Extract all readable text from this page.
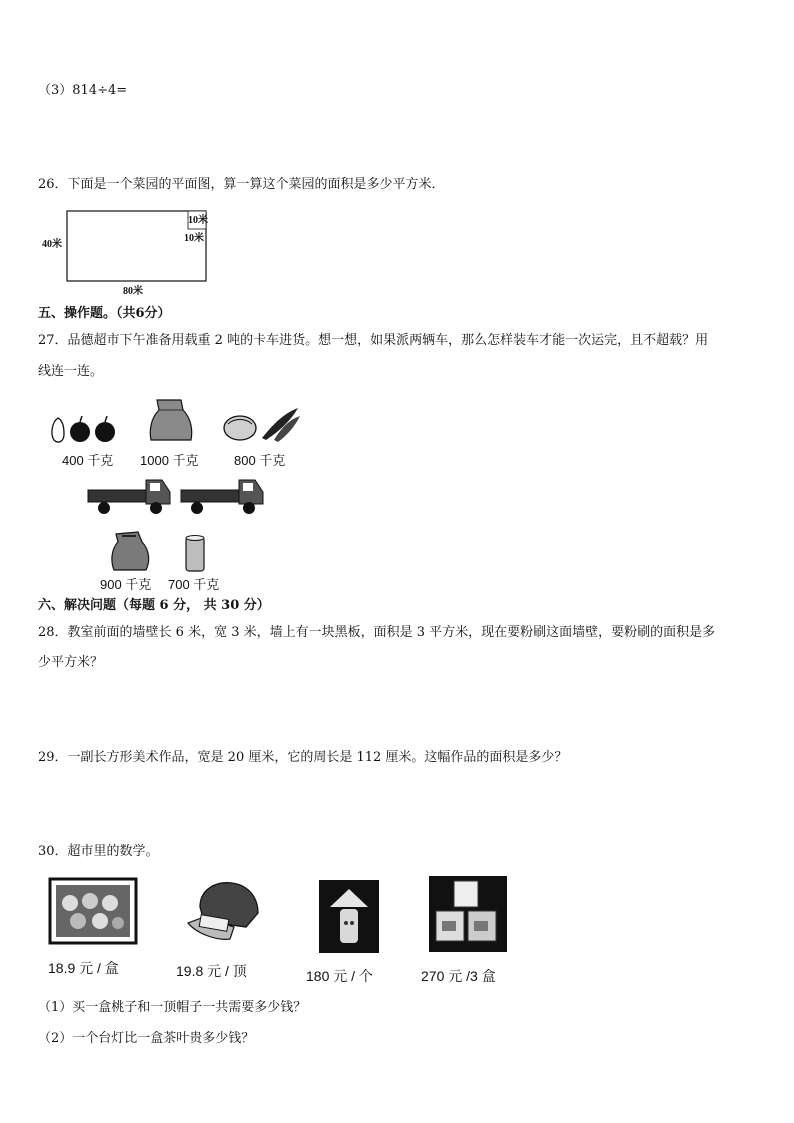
（3）814÷4=
26．下面是一个菜园的平面图，算一算这个菜园的面积是多少平方米．
40米
10米
10米
80米
五、操作题。（共6分）
27．品德超市下午准备用载重 2 吨的卡车进货。想一想，如果派两辆车，那么怎样装车才能一次运完，且不超载？用
线连一连。
400 千克 1000 千克	800 千克
900 千克 700 千克
六、解决问题（每题 6 分， 共 30 分）
28．教室前面的墙壁长 6 米，宽 3 米，墙上有一块黑板，面积是 3 平方米，现在要粉刷这面墙壁，要粉刷的面积是多
少平方米？
29．一副长方形美术作品，宽是 20 厘米，它的周长是 112 厘米。这幅作品的面积是多少？
30．超市里的数学。
18.9 元 / 盒	19.8 元 / 顶	180 元 / 个	270 元 /3 盒
（1）买一盒桃子和一顶帽子一共需要多少钱？
（2）一个台灯比一盒茶叶贵多少钱？
